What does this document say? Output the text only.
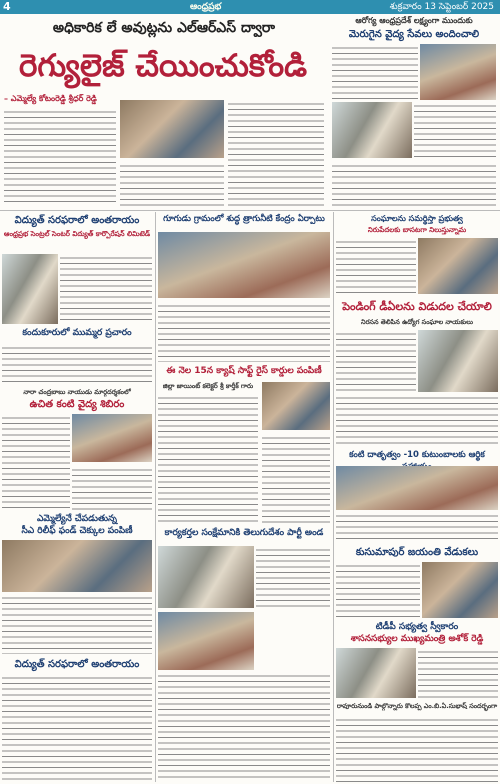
4	ఆంధ్రప్రభ	శుక్రవారం 13 సెప్టెంబర్ 2025
అధికారిక లే అవుట్లను ఎల్ఆర్ఎస్ ద్వారా
రెగ్యులైజ్ చేయించుకోండి
– ఎమ్మెల్యే కోటంరెడ్డి శ్రీధర్ రెడ్డి
ఆరోగ్య ఆంధ్రప్రదేశ్ లక్ష్యంగా ముందుకు
మెరుగైన వైద్య సేవలు అందించాలి
విద్యుత్ సరఫరాలో అంతరాయం
ఆంధ్రప్రభ సెంట్రల్ సెంటర్ విద్యుత్ కార్పొరేషన్ లిమిటెడ్
కందుకూరులో ముమ్మర ప్రచారం
నారా చంద్రబాబు నాయుడు మార్గదర్శకంలో
ఉచిత కంటి వైద్య శిబిరం
ఎమ్మెల్యేనే చేపడుతున్న
సీఎ రిలీఫ్ ఫండ్ చెక్కుల పంపిణీ
విద్యుత్ సరఫరాలో అంతరాయం
గూగుడు గ్రామంలో శుద్ధ త్రాగునీటి కేంద్రం ఏర్పాటు
ఈ నెల 15న క్యాష్ సాఫ్ట్ రైస్ కార్డుల పంపిణీ
జిల్లా జాయింట్ కలెక్టర్ శ్రీ కార్తీక్ గారు
కార్యకర్తల సంక్షేమానికి తెలుగుదేశం పార్టీ అండ
సంఘాలను సమర్థిస్తా ప్రభుత్వ
నిరుపేదలకు బాసటగా నిలుస్తున్నామ
పెండింగ్ డీఏలను విడుదల చేయాలి
నిరసన తెలిపిన ఉద్యోగ సంఘాల నాయకులు
కంటి దాతృత్వం -10 కుటుంబాలకు ఆర్థిక
కుసుమాపుర్ జయంతి వేడుకలు
టిడీపీ సభ్యత్వ స్వీకారం
శాసనసభ్యుల ముఖ్యమంత్రి అశోక్ రెడ్డి
రావూరునుండి పాల్గొన్నారు కొలప్ప ఎం.బి.ఏ.సుభాష్ సందర్భంగా
